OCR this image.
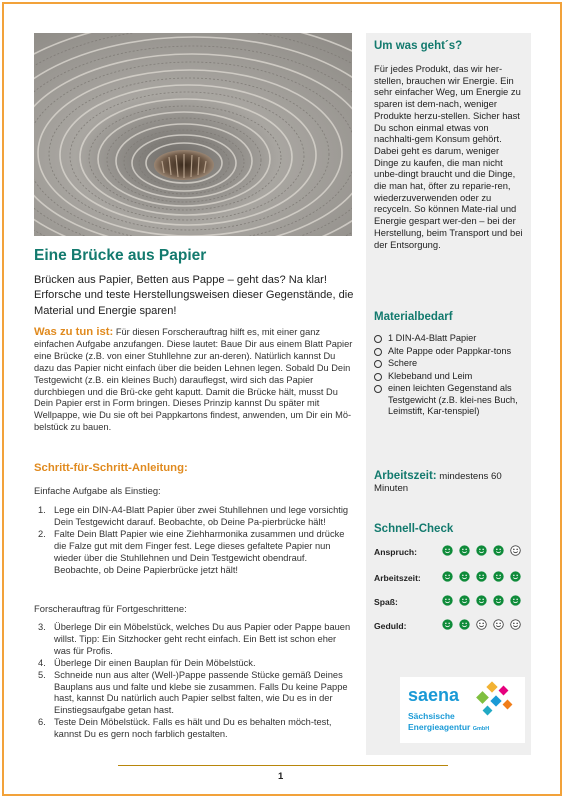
Eine Brücke aus Papier

Brücken aus Papier, Betten aus Pappe – geht das? Na klar! Erforsche und teste Herstellungsweisen dieser Gegenstände, die Material und Energie sparen!

Was zu tun ist: Für diesen Forscherauftrag hilft es, mit einer ganz einfachen Aufgabe anzufangen. Diese lautet: Baue Dir aus einem Blatt Papier eine Brücke (z.B. von einer Stuhllehne zur an-deren). Natürlich kannst Du dazu das Papier nicht einfach über die beiden Lehnen legen. Sobald Du Dein Testgewicht (z.B. ein kleines Buch) darauflegst, wird sich das Papier durchbiegen und die Brü-cke geht kaputt. Damit die Brücke hält, musst Du Dein Papier erst in Form bringen. Dieses Prinzip kannst Du später mit Wellpappe, wie Du sie oft bei Pappkartons findest, anwenden, um Dir ein Mö-belstück zu bauen.

Schritt-für-Schritt-Anleitung:

Einfache Aufgabe als Einstieg:

1. Lege ein DIN-A4-Blatt Papier über zwei Stuhllehnen und lege vorsichtig Dein Testgewicht darauf. Beobachte, ob Deine Pa-pierbrücke hält!
2. Falte Dein Blatt Papier wie eine Ziehharmonika zusammen und drücke die Falze gut mit dem Finger fest. Lege dieses gefaltete Papier nun wieder über die Stuhllehnen und Dein Testgewicht obendrauf. Beobachte, ob Deine Papierbrücke jetzt hält!

Forscherauftrag für Fortgeschrittene:

3. Überlege Dir ein Möbelstück, welches Du aus Papier oder Pappe bauen willst. Tipp: Ein Sitzhocker geht recht einfach. Ein Bett ist schon eher was für Profis.
4. Überlege Dir einen Bauplan für Dein Möbelstück.
5. Schneide nun aus alter (Well-)Pappe passende Stücke gemäß Deines Bauplans aus und falte und klebe sie zusammen. Falls Du keine Pappe hast, kannst Du natürlich auch Papier selbst falten, wie Du es in der Einstiegsaufgabe getan hast.
6. Teste Dein Möbelstück. Falls es hält und Du es behalten möch-test, kannst Du es gern noch farblich gestalten.
Um was geht´s?
Für jedes Produkt, das wir her-stellen, brauchen wir Energie. Ein sehr einfacher Weg, um Energie zu sparen ist dem-nach, weniger Produkte herzu-stellen. Sicher hast Du schon einmal etwas von nachhalti-gem Konsum gehört. Dabei geht es darum, weniger Dinge zu kaufen, die man nicht unbe-dingt braucht und die Dinge, die man hat, öfter zu reparie-ren, wiederzuverwenden oder zu recyceln. So können Mate-rial und Energie gespart wer-den – bei der Herstellung, beim Transport und bei der Entsorgung.
Materialbedarf
1 DIN-A4-Blatt Papier
Alte Pappe oder Pappkar-tons
Schere
Klebeband und Leim
einen leichten Gegenstand als Testgewicht (z.B. klei-nes Buch, Leimstift, Kar-tenspiel)
Arbeitszeit: mindestens 60 Minuten
Schnell-Check
Anspruch:
Arbeitszeit:
Spaß:
Geduld:
saena
Sächsische
Energieagentur GmbH
1
